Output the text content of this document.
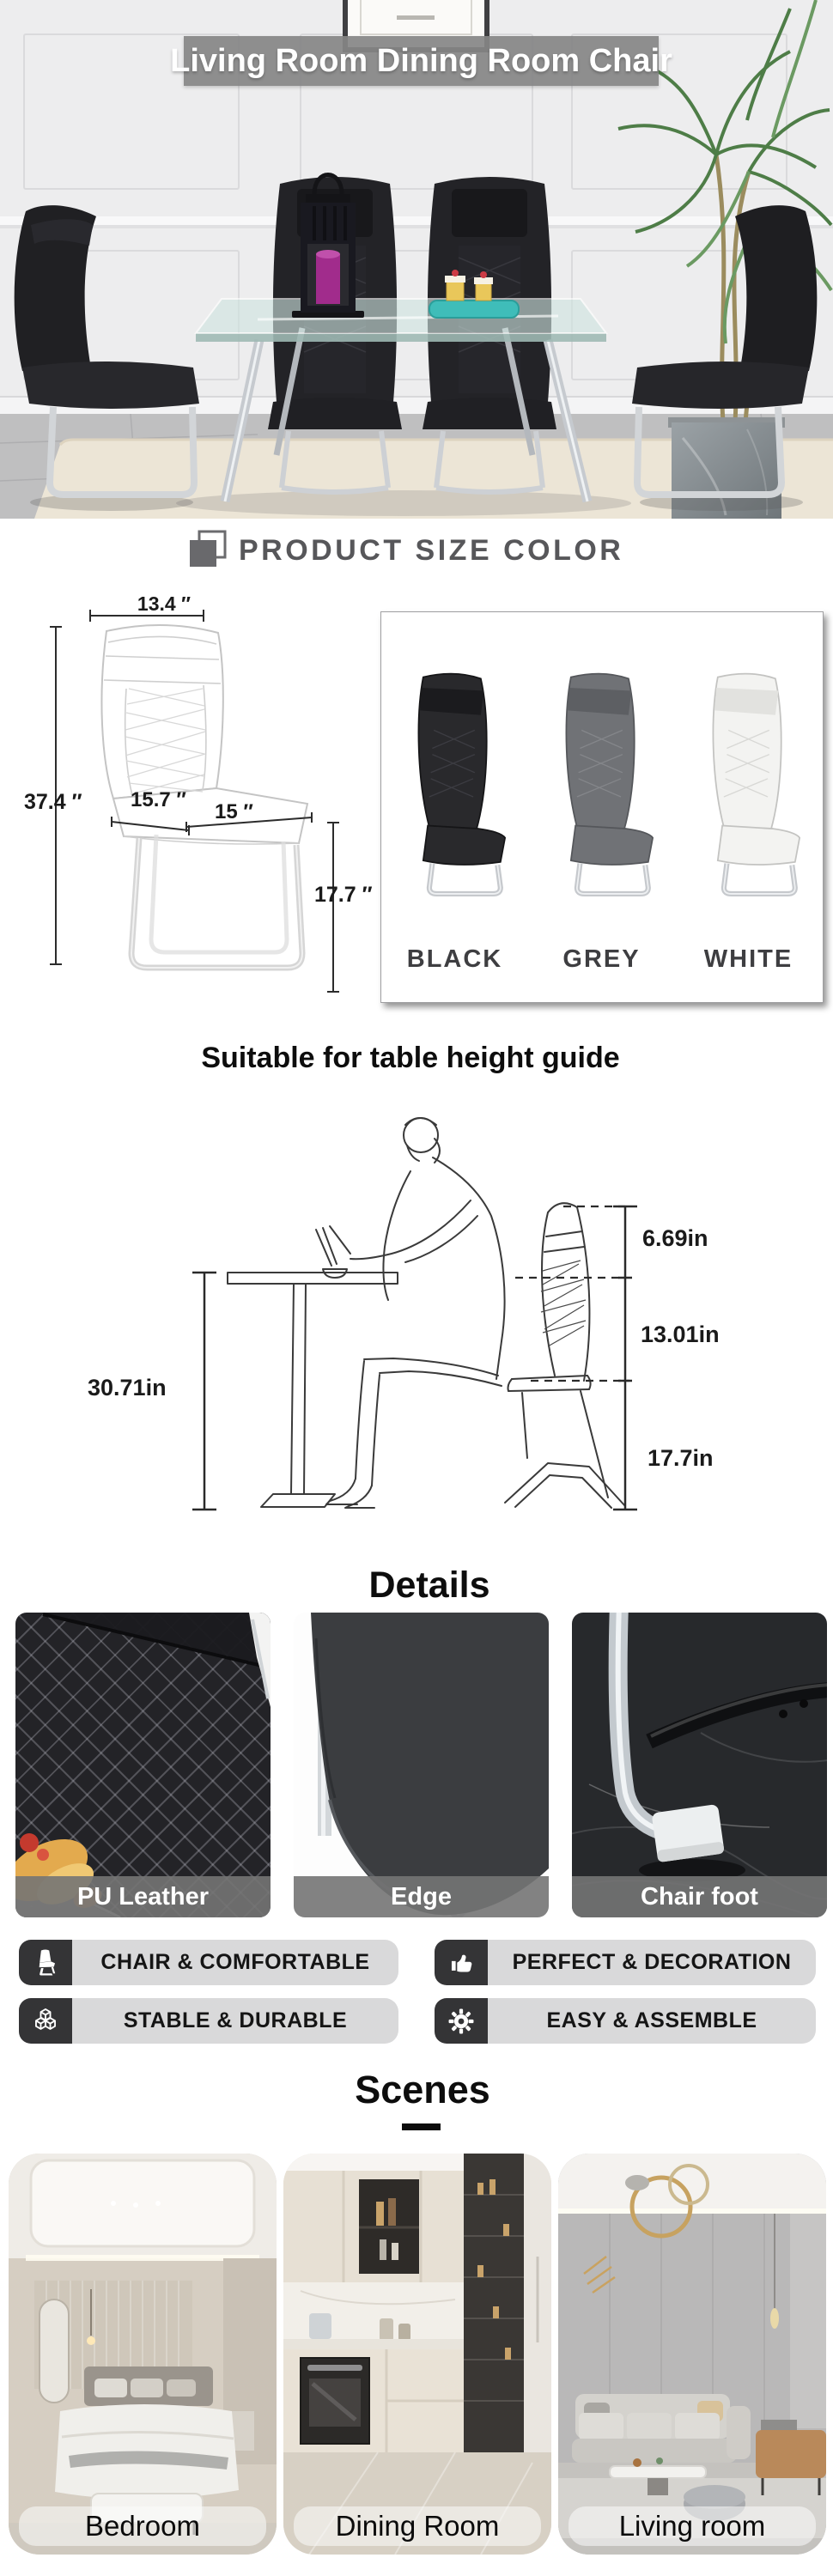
Living Room Dining Room Chair
PRODUCT SIZE COLOR
13.4 ″
37.4 ″ 15.7 ″
15 ″
17.7 ″
BLACK	GREY	WHITE
Suitable for table height guide
6.69in
13.01in
30.71in
17.7in
Details
PU Leather	Edge	Chair foot
CHAIR & COMFORTABLE	PERFECT & DECORATION
STABLE & DURABLE	EASY & ASSEMBLE
Scenes
Bedroom	Dining Room	Living room
